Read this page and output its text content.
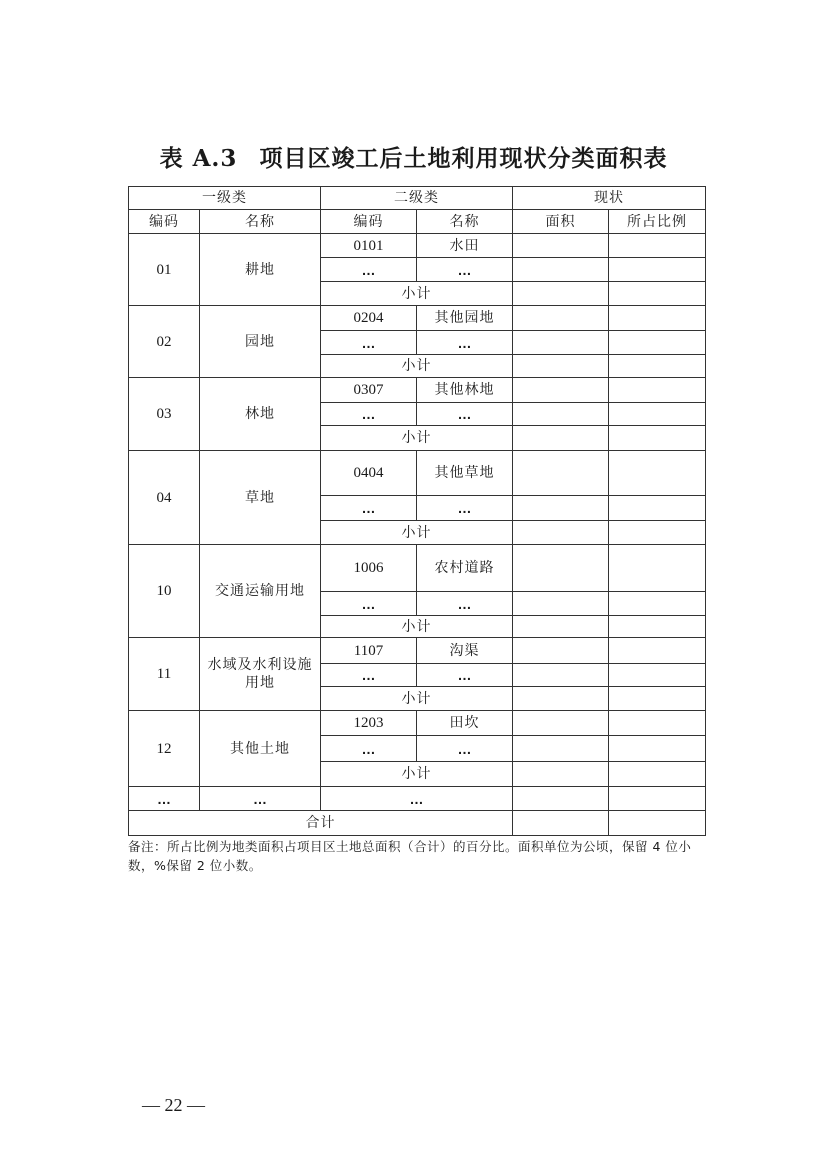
表 A.3 项目区竣工后土地利用现状分类面积表
一级类		二级类		现状	
编码	名称	编码	名称	面积	所占比例
01	耕地	0101	水田		
		…	…		
		小计			
02	园地	0204	其他园地		
		…	…		
		小计			
03	林地	0307	其他林地		
		…	…		
		小计			
04	草地	0404	其他草地		
		…	…		
		小计			
10	交通运输用地	1006	农村道路		
		…	…		
		小计			
11	水域及水利设施用地	1107	沟渠		
		…	…		
		小计			
12	其他土地	1203	田坎		
		…	…		
		小计			
…	…	…			
合计					

备注：所占比例为地类面积占项目区土地总面积（合计）的百分比。面积单位为公顷，保留 4 位小数，%保留 2 位小数。

— 22 —
